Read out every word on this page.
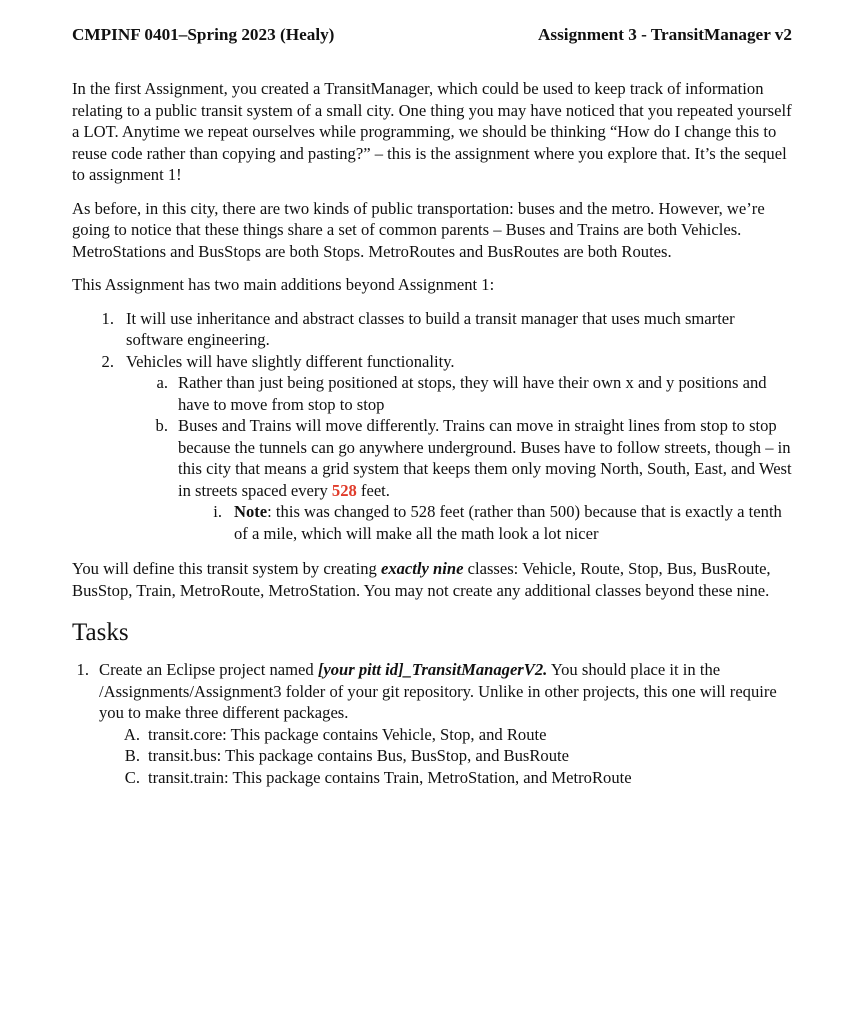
CMPINF 0401–Spring 2023 (Healy)	Assignment 3 - TransitManager v2

In the first Assignment, you created a TransitManager, which could be used to keep track of information relating to a public transit system of a small city. One thing you may have noticed that you repeated yourself a LOT. Anytime we repeat ourselves while programming, we should be thinking “How do I change this to reuse code rather than copying and pasting?” – this is the assignment where you explore that. It’s the sequel to assignment 1!

As before, in this city, there are two kinds of public transportation: buses and the metro. However, we’re going to notice that these things share a set of common parents – Buses and Trains are both Vehicles. MetroStations and BusStops are both Stops. MetroRoutes and BusRoutes are both Routes.

This Assignment has two main additions beyond Assignment 1:

1. It will use inheritance and abstract classes to build a transit manager that uses much smarter software engineering.
2. Vehicles will have slightly different functionality.
a. Rather than just being positioned at stops, they will have their own x and y positions and have to move from stop to stop
b. Buses and Trains will move differently. Trains can move in straight lines from stop to stop because the tunnels can go anywhere underground. Buses have to follow streets, though – in this city that means a grid system that keeps them only moving North, South, East, and West in streets spaced every 528 feet.
i. Note: this was changed to 528 feet (rather than 500) because that is exactly a tenth of a mile, which will make all the math look a lot nicer

You will define this transit system by creating exactly nine classes: Vehicle, Route, Stop, Bus, BusRoute, BusStop, Train, MetroRoute, MetroStation. You may not create any additional classes beyond these nine.

Tasks
1. Create an Eclipse project named [your pitt id]_TransitManagerV2. You should place it in the /Assignments/Assignment3 folder of your git repository. Unlike in other projects, this one will require you to make three different packages.
A. transit.core: This package contains Vehicle, Stop, and Route
B. transit.bus: This package contains Bus, BusStop, and BusRoute
C. transit.train: This package contains Train, MetroStation, and MetroRoute
